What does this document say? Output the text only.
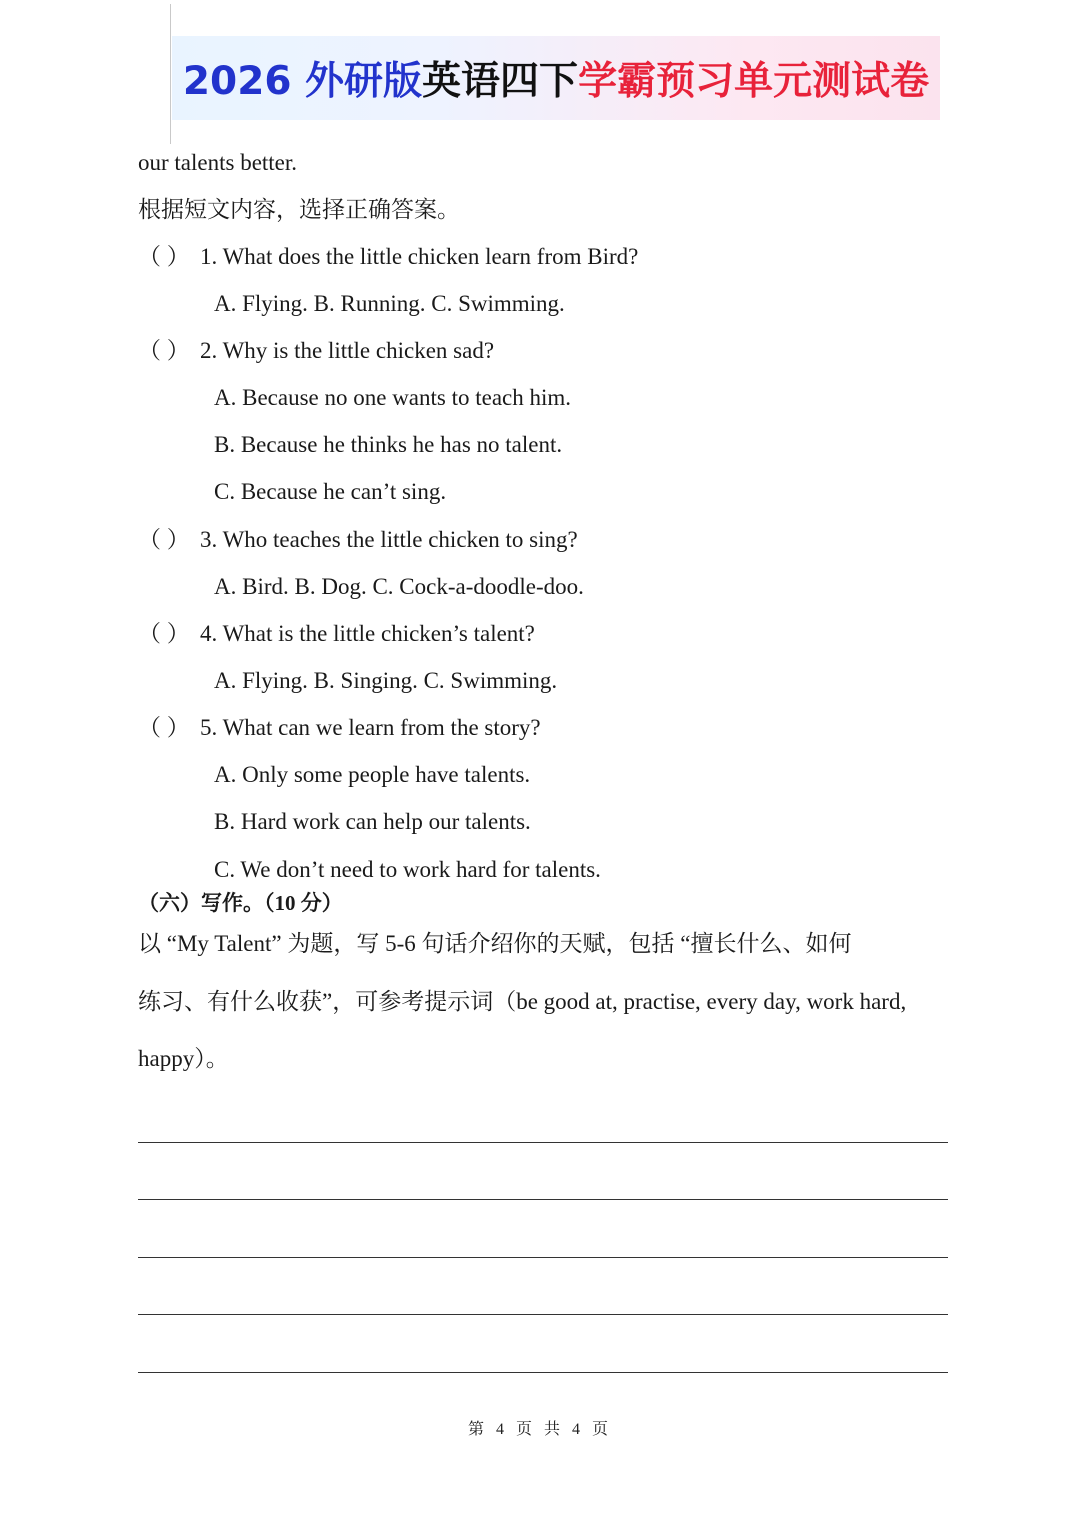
2026 外研版 英语四下 学霸预习单元测试卷
our talents better.
根据短文内容，选择正确答案。
（ ） 1. What does the little chicken learn from Bird?
A. Flying. B. Running. C. Swimming.
（ ） 2. Why is the little chicken sad?
A. Because no one wants to teach him.
B. Because he thinks he has no talent.
C. Because he can’t sing.
（ ） 3. Who teaches the little chicken to sing?
A. Bird. B. Dog. C. Cock-a-doodle-doo.
（ ） 4. What is the little chicken’s talent?
A. Flying. B. Singing. C. Swimming.
（ ） 5. What can we learn from the story?
A. Only some people have talents.
B. Hard work can help our talents.
C. We don’t need to work hard for talents.
（六）写作。（10 分）
以 “My Talent” 为题，写 5-6 句话介绍你的天赋，包括 “擅长什么、如何
练习、有什么收获”，可参考提示词（be good at, practise, every day, work hard,
happy）。
第 4 页 共 4 页
